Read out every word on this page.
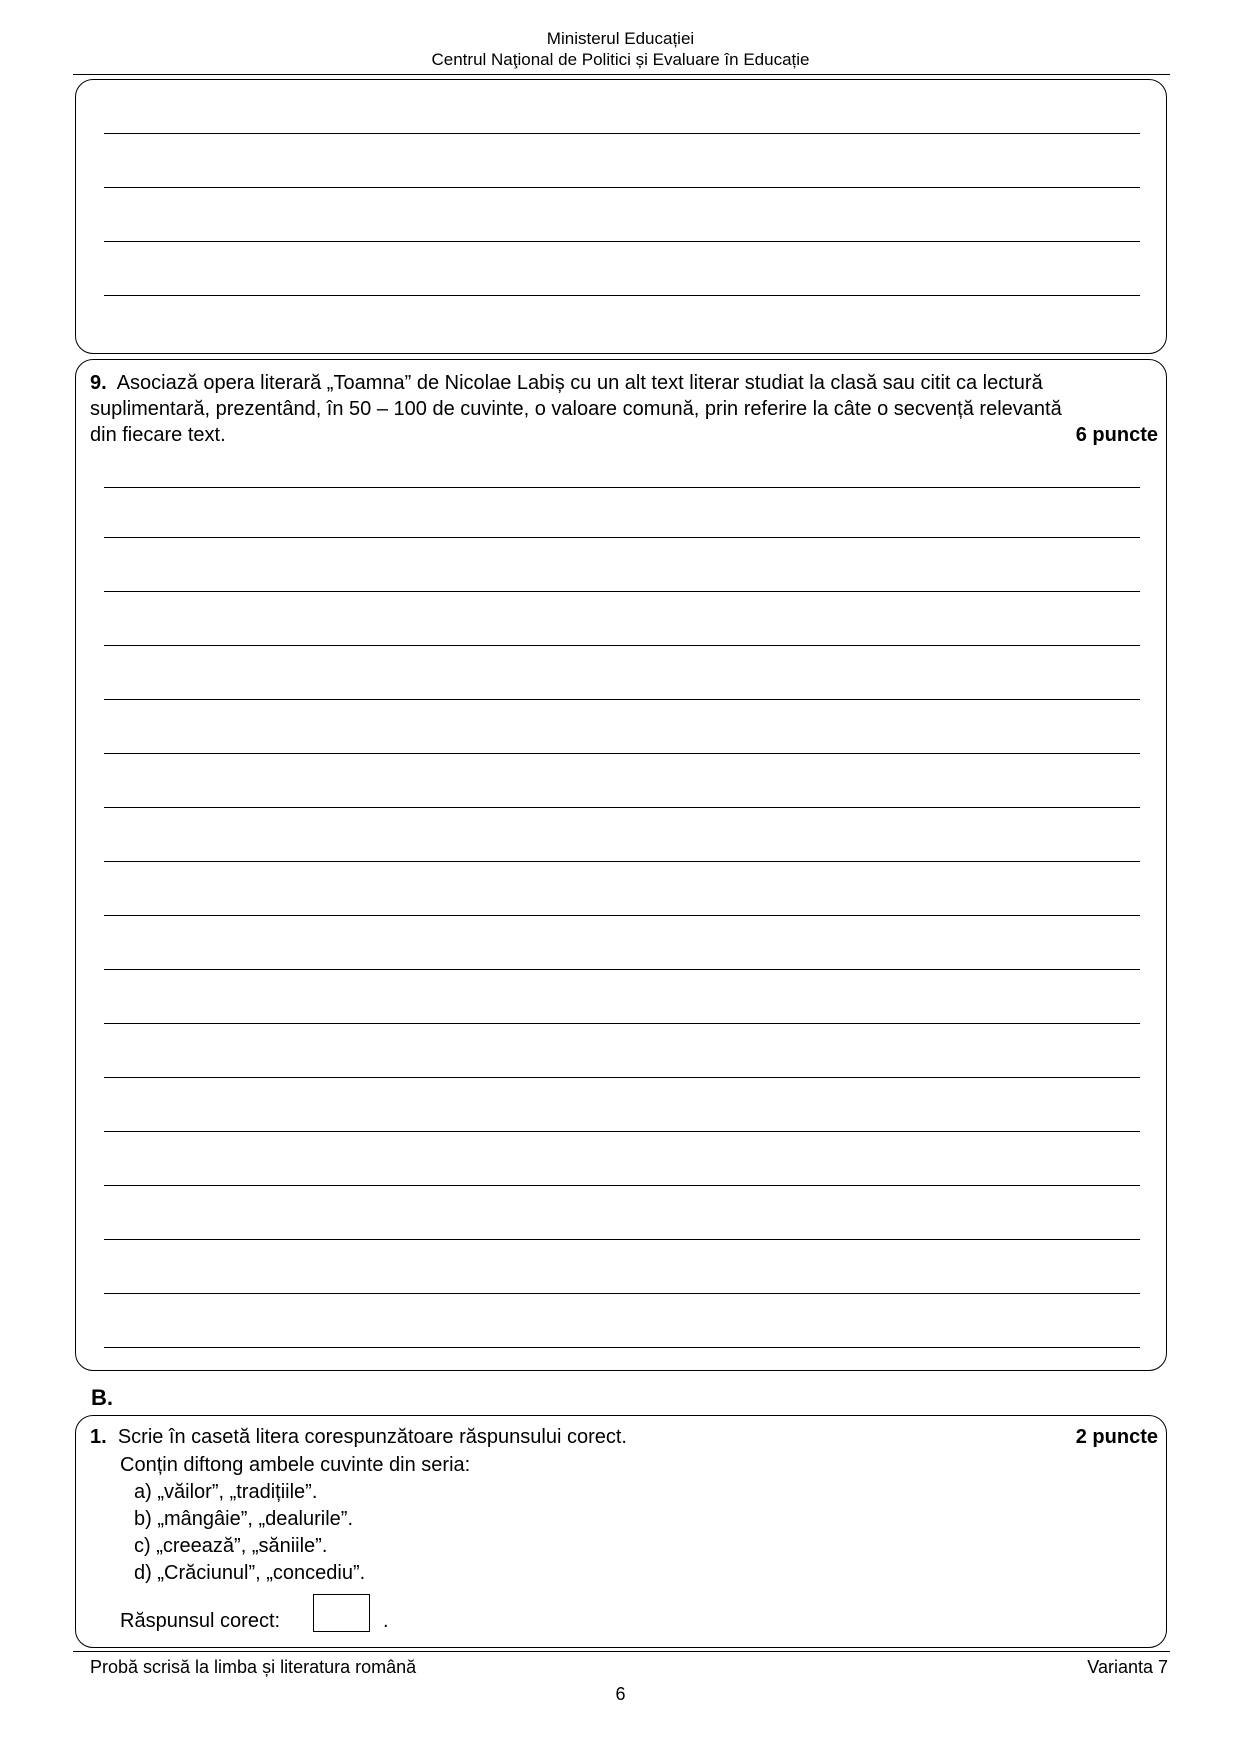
Ministerul Educației
Centrul Naţional de Politici și Evaluare în Educație
9. Asociază opera literară „Toamna” de Nicolae Labiș cu un alt text literar studiat la clasă sau citit ca lectură
suplimentară, prezentând, în 50 – 100 de cuvinte, o valoare comună, prin referire la câte o secvență relevantă
din fiecare text.	6 puncte
B.
1. Scrie în casetă litera corespunzătoare răspunsului corect.	2 puncte
Conțin diftong ambele cuvinte din seria:
a) „văilor”, „tradițiile”.
b) „mângâie”, „dealurile”.
c) „creează”, „săniile”.
d) „Crăciunul”, „concediu”.
Răspunsul corect:	.
Probă scrisă la limba și literatura română	Varianta 7
6
